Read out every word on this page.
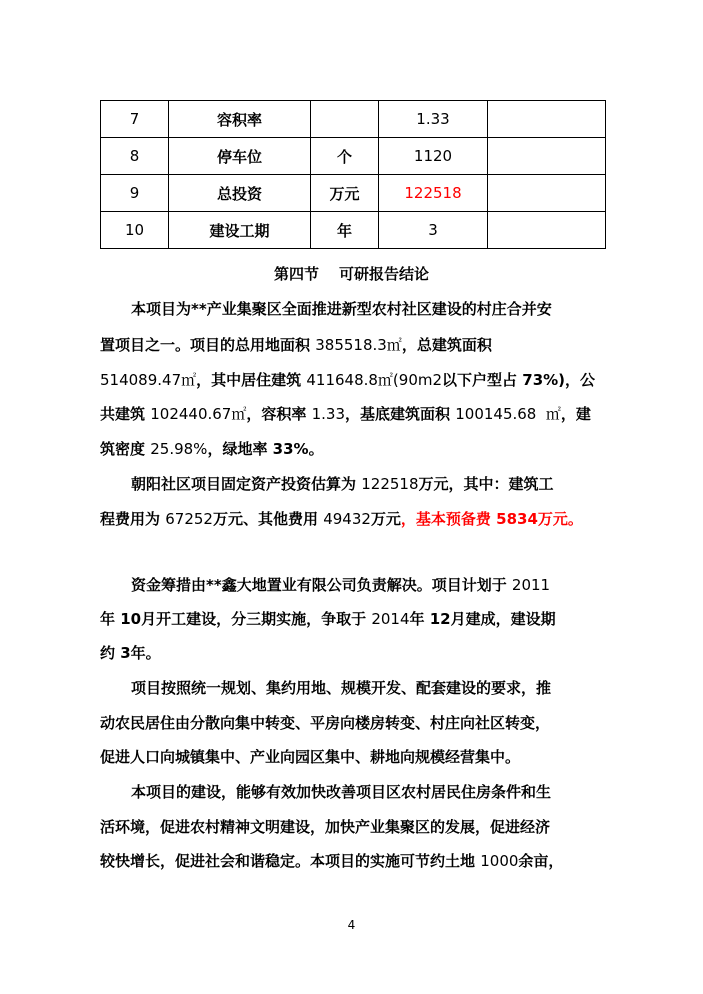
7	容积率		1.33	
8	停车位	个	1120	
9	总投资	万元	122518	
10	建设工期	年	3	
第四节 可研报告结论
本项目为**产业集聚区全面推进新型农村社区建设的村庄合并安
置项目之一。项目的总用地面积 385518.3㎡，总建筑面积
514089.47㎡，其中居住建筑 411648.8㎡(90m2以下户型占 73%)，公
共建筑 102440.67㎡，容积率 1.33，基底建筑面积 100145.68  ㎡，建
筑密度 25.98%，绿地率 33%。
朝阳社区项目固定资产投资估算为 122518万元，其中：建筑工
程费用为 67252万元、其他费用 49432万元，基本预备费 5834万元。
资金筹措由**鑫大地置业有限公司负责解决。项目计划于 2011
年 10月开工建设，分三期实施，争取于 2014年 12月建成，建设期
约 3年。
项目按照统一规划、集约用地、规模开发、配套建设的要求，推
动农民居住由分散向集中转变、平房向楼房转变、村庄向社区转变，
促进人口向城镇集中、产业向园区集中、耕地向规模经营集中。
本项目的建设，能够有效加快改善项目区农村居民住房条件和生
活环境，促进农村精神文明建设，加快产业集聚区的发展，促进经济
较快增长，促进社会和谐稳定。本项目的实施可节约土地 1000余亩，
4
